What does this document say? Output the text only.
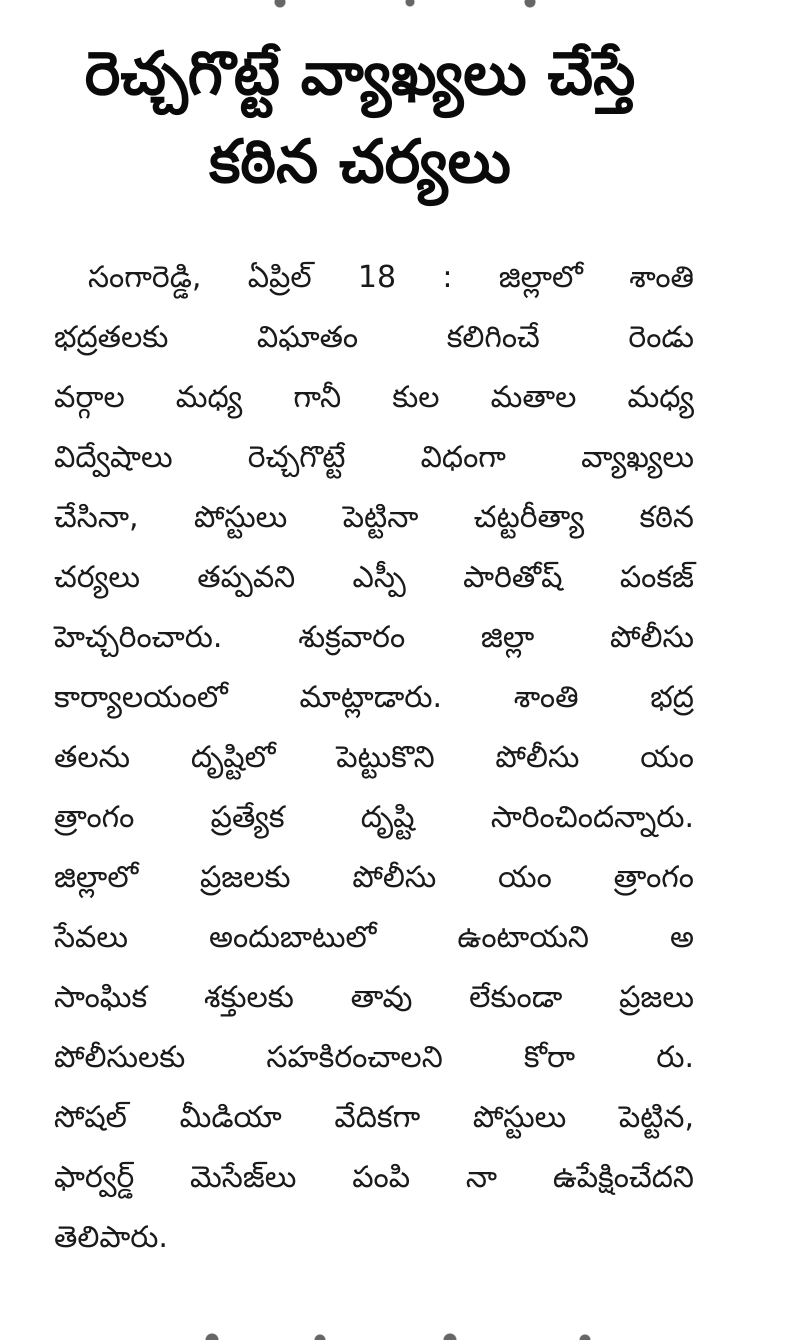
రెచ్చగొట్టే వ్యాఖ్యలు చేస్తే
కఠిన చర్యలు
సంగారెడ్డి, ఏప్రిల్ 18 : జిల్లాలో శాంతి
భద్రతలకు విఘాతం కలిగించే రెండు
వర్గాల మధ్య గానీ కుల మతాల మధ్య
విద్వేషాలు రెచ్చగొట్టే విధంగా వ్యాఖ్యలు
చేసినా, పోస్టులు పెట్టినా చట్టరీత్యా కఠిన
చర్యలు తప్పవని ఎస్పీ పారితోష్ పంకజ్
హెచ్చరించారు. శుక్రవారం జిల్లా పోలీసు
కార్యాలయంలో మాట్లాడారు. శాంతి భద్ర
తలను దృష్టిలో పెట్టుకొని పోలీసు యం
త్రాంగం ప్రత్యేక దృష్టి సారించిందన్నారు.
జిల్లాలో ప్రజలకు పోలీసు యం త్రాంగం
సేవలు అందుబాటులో ఉంటాయని అ
సాంఘిక శక్తులకు తావు లేకుండా ప్రజలు
పోలీసులకు సహకిరంచాలని కోరా రు.
సోషల్ మీడియా వేదికగా పోస్టులు పెట్టిన,
ఫార్వర్డ్ మెసేజ్‌లు పంపి నా ఉపేక్షించేదని
తెలిపారు.
